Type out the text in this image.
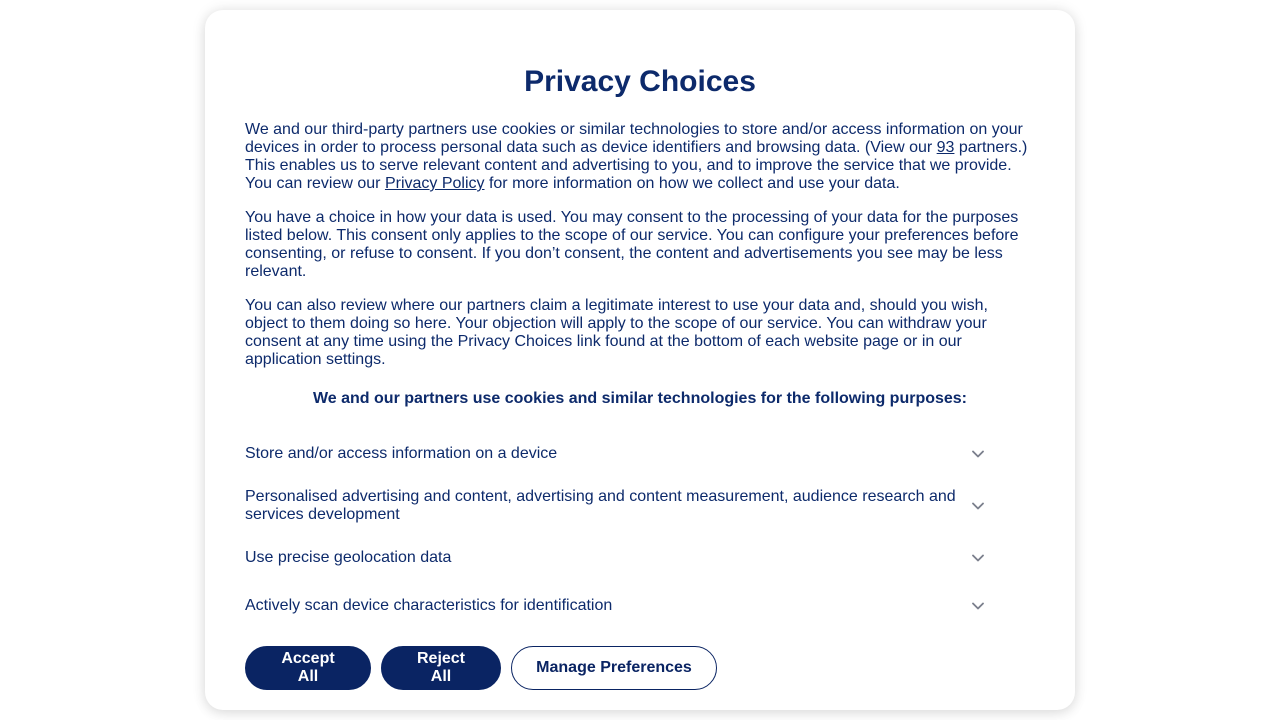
Privacy Choices

We and our third-party partners use cookies or similar technologies to store and/or access information on your devices in order to process personal data such as device identifiers and browsing data. (View our 93 partners.) This enables us to serve relevant content and advertising to you, and to improve the service that we provide. You can review our Privacy Policy for more information on how we collect and use your data.

You have a choice in how your data is used. You may consent to the processing of your data for the purposes listed below. This consent only applies to the scope of our service. You can configure your preferences before consenting, or refuse to consent. If you don’t consent, the content and advertisements you see may be less relevant.

You can also review where our partners claim a legitimate interest to use your data and, should you wish, object to them doing so here. Your objection will apply to the scope of our service. You can withdraw your consent at any time using the Privacy Choices link found at the bottom of each website page or in our application settings.

We and our partners use cookies and similar technologies for the following purposes:

Store and/or access information on a device
Personalised advertising and content, advertising and content measurement, audience research and services development
Use precise geolocation data
Actively scan device characteristics for identification
Accept All
Reject All
Manage Preferences
